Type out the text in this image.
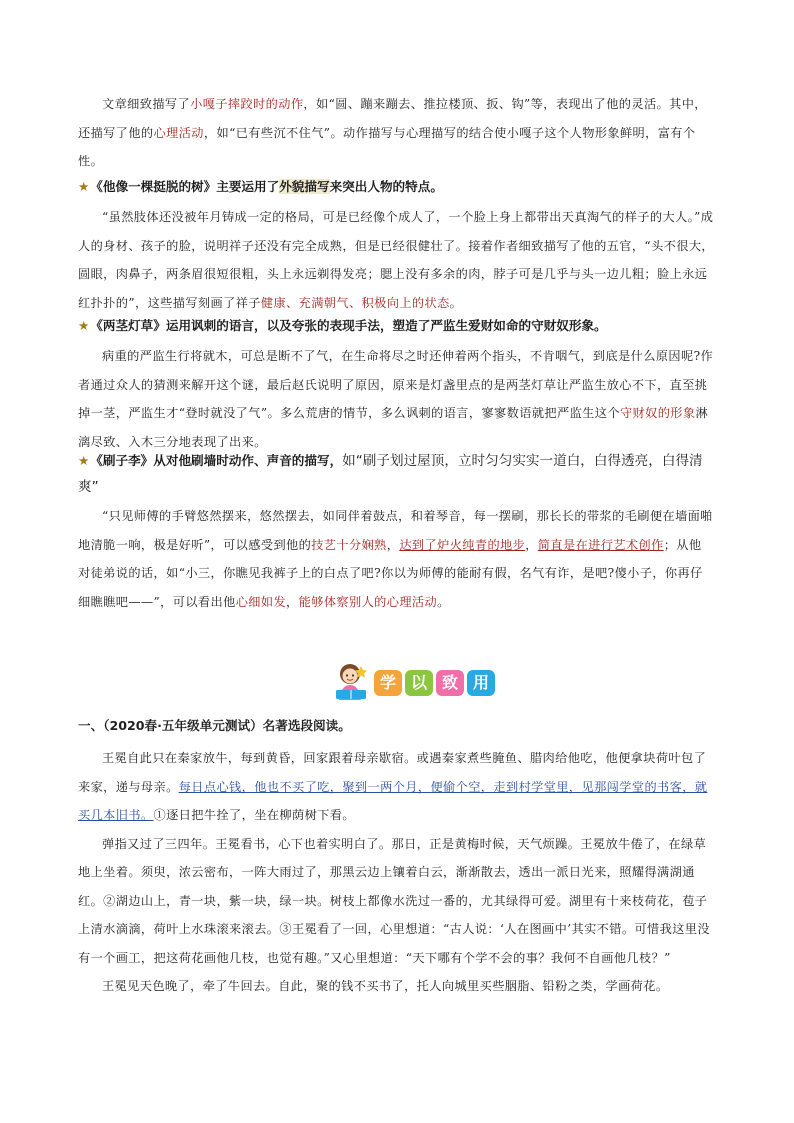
文章细致描写了小嘎子摔跤时的动作，如“圆、蹦来蹦去、推拉楼顶、扳、钩”等，表现出了他的灵活。其中，还描写了他的心理活动，如“已有些沉不住气”。动作描写与心理描写的结合使小嘎子这个人物形象鲜明，富有个性。

★《他像一棵挺脱的树》主要运用了外貌描写来突出人物的特点。

“虽然肢体还没被年月铸成一定的格局，可是已经像个成人了，一个脸上身上都带出天真淘气的样子的大人。”成人的身材、孩子的脸，说明祥子还没有完全成熟，但是已经很健壮了。接着作者细致描写了他的五官，“头不很大，圆眼，肉鼻子，两条眉很短很粗，头上永远剃得发亮；腮上没有多余的肉，脖子可是几乎与头一边儿粗；脸上永远红扑扑的”，这些描写刻画了祥子健康、充满朝气、积极向上的状态。

★《两茎灯草》运用讽刺的语言，以及夸张的表现手法，塑造了严监生爱财如命的守财奴形象。

病重的严监生行将就木，可总是断不了气，在生命将尽之时还伸着两个指头，不肯咽气，到底是什么原因呢?作者通过众人的猜测来解开这个谜，最后赵氏说明了原因，原来是灯盏里点的是两茎灯草让严监生放心不下，直至挑掉一茎，严监生才“登时就没了气”。多么荒唐的情节，多么讽刺的语言，寥寥数语就把严监生这个守财奴的形象淋漓尽致、入木三分地表现了出来。

★《刷子李》从对他刷墙时动作、声音的描写，如“刷子划过屋顶，立时匀匀实实一道白，白得透亮，白得清爽”

“只见师傅的手臂悠然摆来，悠然摆去，如同伴着鼓点，和着琴音，每一摆刷，那长长的带浆的毛刷便在墙面啪地清脆一响，极是好听”，可以感受到他的技艺十分娴熟，达到了炉火纯青的地步，简直是在进行艺术创作；从他对徒弟说的话，如“小三，你瞧见我裤子上的白点了吧?你以为师傅的能耐有假，名气有诈，是吧?傻小子，你再仔细瞧瞧吧——”，可以看出他心细如发，能够体察别人的心理活动。

学 以 致 用

一、（2020春·五年级单元测试）名著选段阅读。

王冕自此只在秦家放牛，每到黄昏，回家跟着母亲歇宿。或遇秦家煮些腌鱼、腊肉给他吃，他便拿块荷叶包了来家，递与母亲。每日点心钱，他也不买了吃，聚到一两个月，便偷个空，走到村学堂里，见那闯学堂的书客，就买几本旧书。①逐日把牛拴了，坐在柳荫树下看。

弹指又过了三四年。王冕看书，心下也着实明白了。那日，正是黄梅时候，天气烦躁。王冕放牛倦了，在绿草地上坐着。须臾，浓云密布，一阵大雨过了，那黑云边上镶着白云，渐渐散去，透出一派日光来，照耀得满湖通红。②湖边山上，青一块，紫一块，绿一块。树枝上都像水洗过一番的，尤其绿得可爱。湖里有十来枝荷花，苞子上清水滴滴，荷叶上水珠滚来滚去。③王冕看了一回，心里想道：“古人说：‘人在图画中’其实不错。可惜我这里没有一个画工，把这荷花画他几枝，也觉有趣。”又心里想道：“天下哪有个学不会的事？我何不自画他几枝？”

王冕见天色晚了，牵了牛回去。自此，聚的钱不买书了，托人向城里买些胭脂、铅粉之类，学画荷花。
